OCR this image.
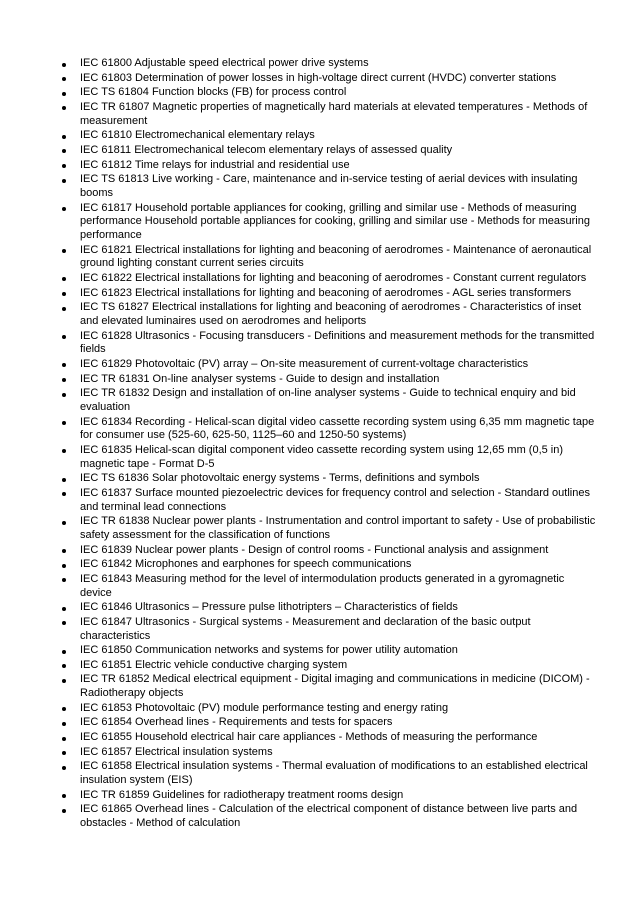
IEC 61800 Adjustable speed electrical power drive systems
IEC 61803 Determination of power losses in high-voltage direct current (HVDC) converter stations
IEC TS 61804 Function blocks (FB) for process control
IEC TR 61807 Magnetic properties of magnetically hard materials at elevated temperatures - Methods of measurement
IEC 61810 Electromechanical elementary relays
IEC 61811 Electromechanical telecom elementary relays of assessed quality
IEC 61812 Time relays for industrial and residential use
IEC TS 61813 Live working - Care, maintenance and in-service testing of aerial devices with insulating booms
IEC 61817 Household portable appliances for cooking, grilling and similar use - Methods of measuring performance Household portable appliances for cooking, grilling and similar use - Methods for measuring performance
IEC 61821 Electrical installations for lighting and beaconing of aerodromes - Maintenance of aeronautical ground lighting constant current series circuits
IEC 61822 Electrical installations for lighting and beaconing of aerodromes - Constant current regulators
IEC 61823 Electrical installations for lighting and beaconing of aerodromes - AGL series transformers
IEC TS 61827 Electrical installations for lighting and beaconing of aerodromes - Characteristics of inset and elevated luminaires used on aerodromes and heliports
IEC 61828 Ultrasonics - Focusing transducers - Definitions and measurement methods for the transmitted fields
IEC 61829 Photovoltaic (PV) array – On-site measurement of current-voltage characteristics
IEC TR 61831 On-line analyser systems - Guide to design and installation
IEC TR 61832 Design and installation of on-line analyser systems - Guide to technical enquiry and bid evaluation
IEC 61834 Recording - Helical-scan digital video cassette recording system using 6,35 mm magnetic tape for consumer use (525-60, 625-50, 1125–60 and 1250-50 systems)
IEC 61835 Helical-scan digital component video cassette recording system using 12,65 mm (0,5 in) magnetic tape - Format D-5
IEC TS 61836 Solar photovoltaic energy systems - Terms, definitions and symbols
IEC 61837 Surface mounted piezoelectric devices for frequency control and selection - Standard outlines and terminal lead connections
IEC TR 61838 Nuclear power plants - Instrumentation and control important to safety - Use of probabilistic safety assessment for the classification of functions
IEC 61839 Nuclear power plants - Design of control rooms - Functional analysis and assignment
IEC 61842 Microphones and earphones for speech communications
IEC 61843 Measuring method for the level of intermodulation products generated in a gyromagnetic device
IEC 61846 Ultrasonics – Pressure pulse lithotripters – Characteristics of fields
IEC 61847 Ultrasonics - Surgical systems - Measurement and declaration of the basic output characteristics
IEC 61850 Communication networks and systems for power utility automation
IEC 61851 Electric vehicle conductive charging system
IEC TR 61852 Medical electrical equipment - Digital imaging and communications in medicine (DICOM) - Radiotherapy objects
IEC 61853 Photovoltaic (PV) module performance testing and energy rating
IEC 61854 Overhead lines - Requirements and tests for spacers
IEC 61855 Household electrical hair care appliances - Methods of measuring the performance
IEC 61857 Electrical insulation systems
IEC 61858 Electrical insulation systems - Thermal evaluation of modifications to an established electrical insulation system (EIS)
IEC TR 61859 Guidelines for radiotherapy treatment rooms design
IEC 61865 Overhead lines - Calculation of the electrical component of distance between live parts and obstacles - Method of calculation
